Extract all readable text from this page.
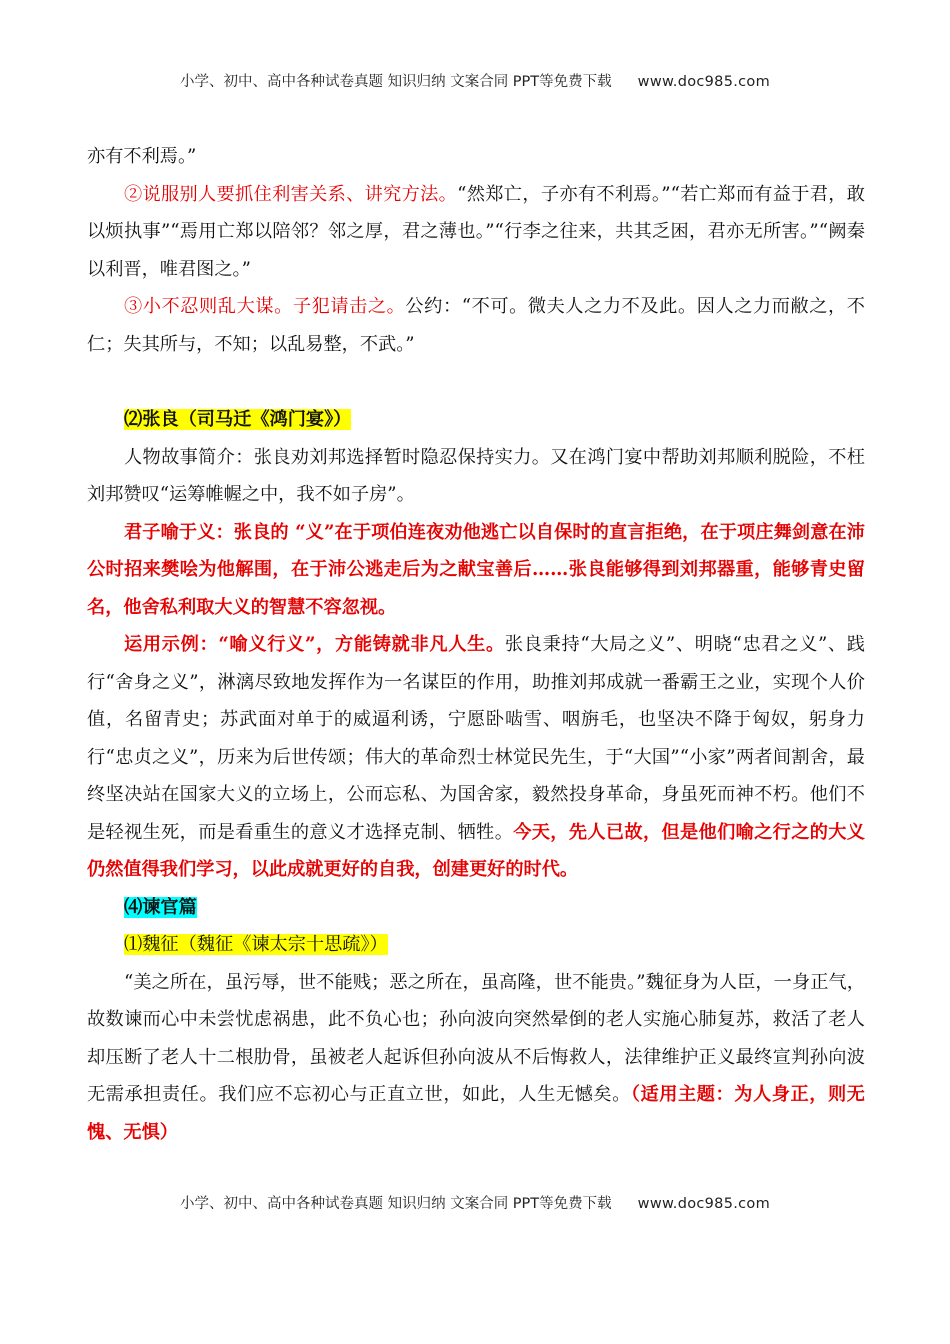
小学、初中、高中各种试卷真题 知识归纳 文案合同 PPT等免费下载 www.doc985.com

亦有不利焉。”

②说服别人要抓住利害关系、讲究方法。“然郑亡，子亦有不利焉。”“若亡郑而有益于君，敢以烦执事”“焉用亡郑以陪邻？邻之厚，君之薄也。”“行李之往来，共其乏困，君亦无所害。”“阙秦以利晋，唯君图之。”

③小不忍则乱大谋。子犯请击之。公约：“不可。微夫人之力不及此。因人之力而敝之，不仁；失其所与，不知；以乱易整，不武。”

⑵张良（司马迁《鸿门宴》）

人物故事简介：张良劝刘邦选择暂时隐忍保持实力。又在鸿门宴中帮助刘邦顺利脱险，不枉刘邦赞叹“运筹帷幄之中，我不如子房”。

君子喻于义：张良的 “义”在于项伯连夜劝他逃亡以自保时的直言拒绝，在于项庄舞剑意在沛公时招来樊哙为他解围，在于沛公逃走后为之献宝善后……张良能够得到刘邦器重，能够青史留名，他舍私利取大义的智慧不容忽视。

运用示例：“喻义行义”，方能铸就非凡人生。张良秉持“大局之义”、明晓“忠君之义”、践行“舍身之义”，淋漓尽致地发挥作为一名谋臣的作用，助推刘邦成就一番霸王之业，实现个人价值，名留青史；苏武面对单于的威逼利诱，宁愿卧啮雪、咽旃毛，也坚决不降于匈奴，躬身力行“忠贞之义”，历来为后世传颂；伟大的革命烈士林觉民先生，于“大国”“小家”两者间割舍，最终坚决站在国家大义的立场上，公而忘私、为国舍家，毅然投身革命，身虽死而神不朽。他们不是轻视生死，而是看重生的意义才选择克制、牺牲。今天，先人已故，但是他们喻之行之的大义仍然值得我们学习，以此成就更好的自我，创建更好的时代。

⑷谏官篇

⑴魏征（魏征《谏太宗十思疏》）

“美之所在，虽污辱，世不能贱；恶之所在，虽高隆，世不能贵。”魏征身为人臣，一身正气，故数谏而心中未尝忧虑祸患，此不负心也；孙向波向突然晕倒的老人实施心肺复苏，救活了老人却压断了老人十二根肋骨，虽被老人起诉但孙向波从不后悔救人，法律维护正义最终宣判孙向波无需承担责任。我们应不忘初心与正直立世，如此，人生无憾矣。（适用主题：为人身正，则无愧、无惧）

小学、初中、高中各种试卷真题 知识归纳 文案合同 PPT等免费下载 www.doc985.com
